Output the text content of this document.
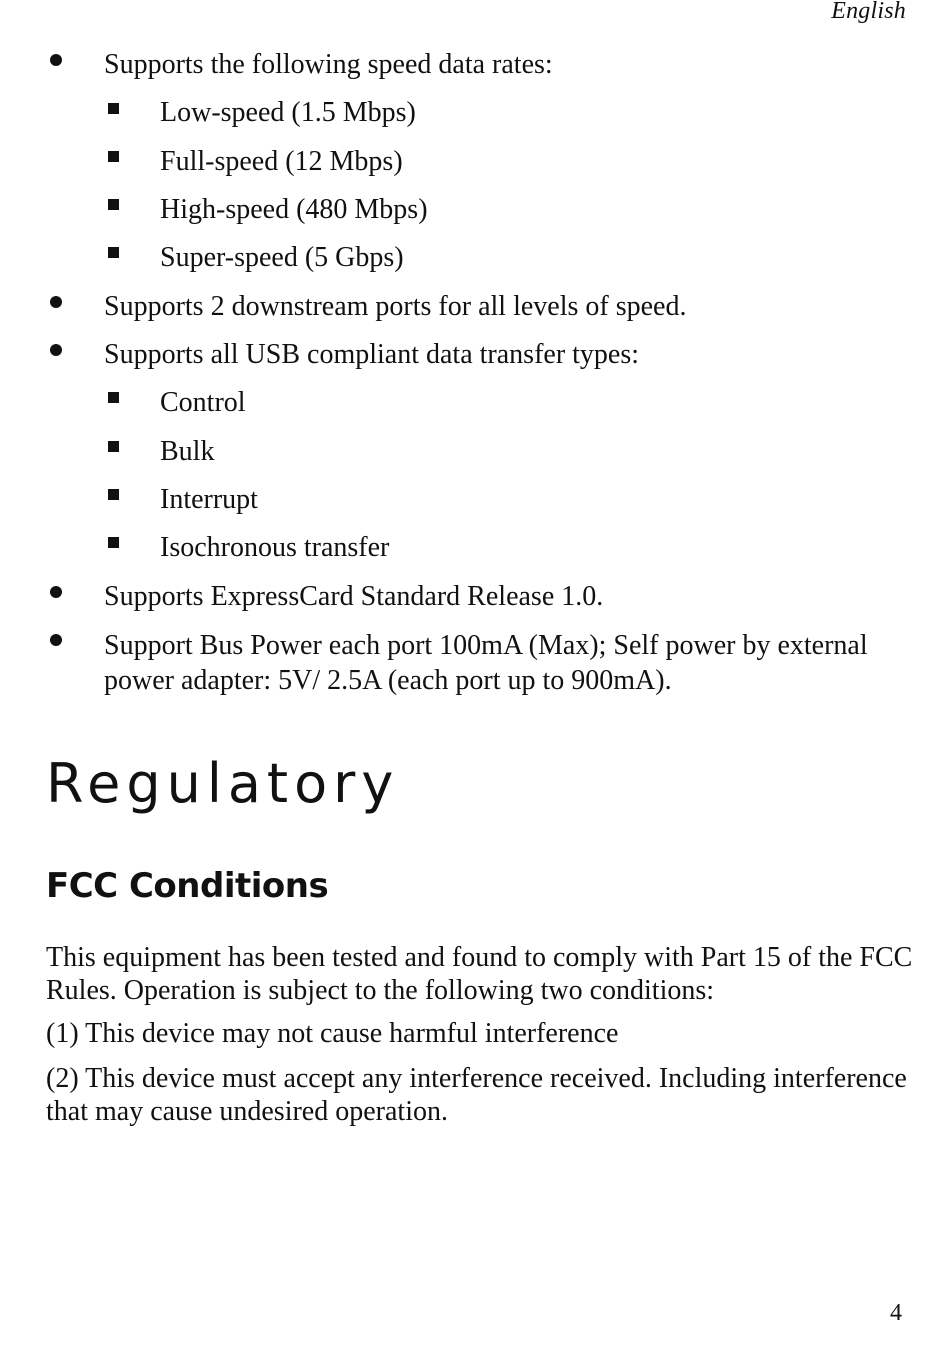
English
Supports the following speed data rates:
Low-speed (1.5 Mbps)
Full-speed (12 Mbps)
High-speed (480 Mbps)
Super-speed (5 Gbps)
Supports 2 downstream ports for all levels of speed.
Supports all USB compliant data transfer types:
Control
Bulk
Interrupt
Isochronous transfer
Supports ExpressCard Standard Release 1.0.
Support Bus Power each port 100mA (Max); Self power by external power adapter: 5V/ 2.5A (each port up to 900mA).
Regulatory
FCC Conditions

This equipment has been tested and found to comply with Part 15 of the FCC Rules. Operation is subject to the following two conditions:

(1) This device may not cause harmful interference

(2) This device must accept any interference received. Including interference that may cause undesired operation.

4
